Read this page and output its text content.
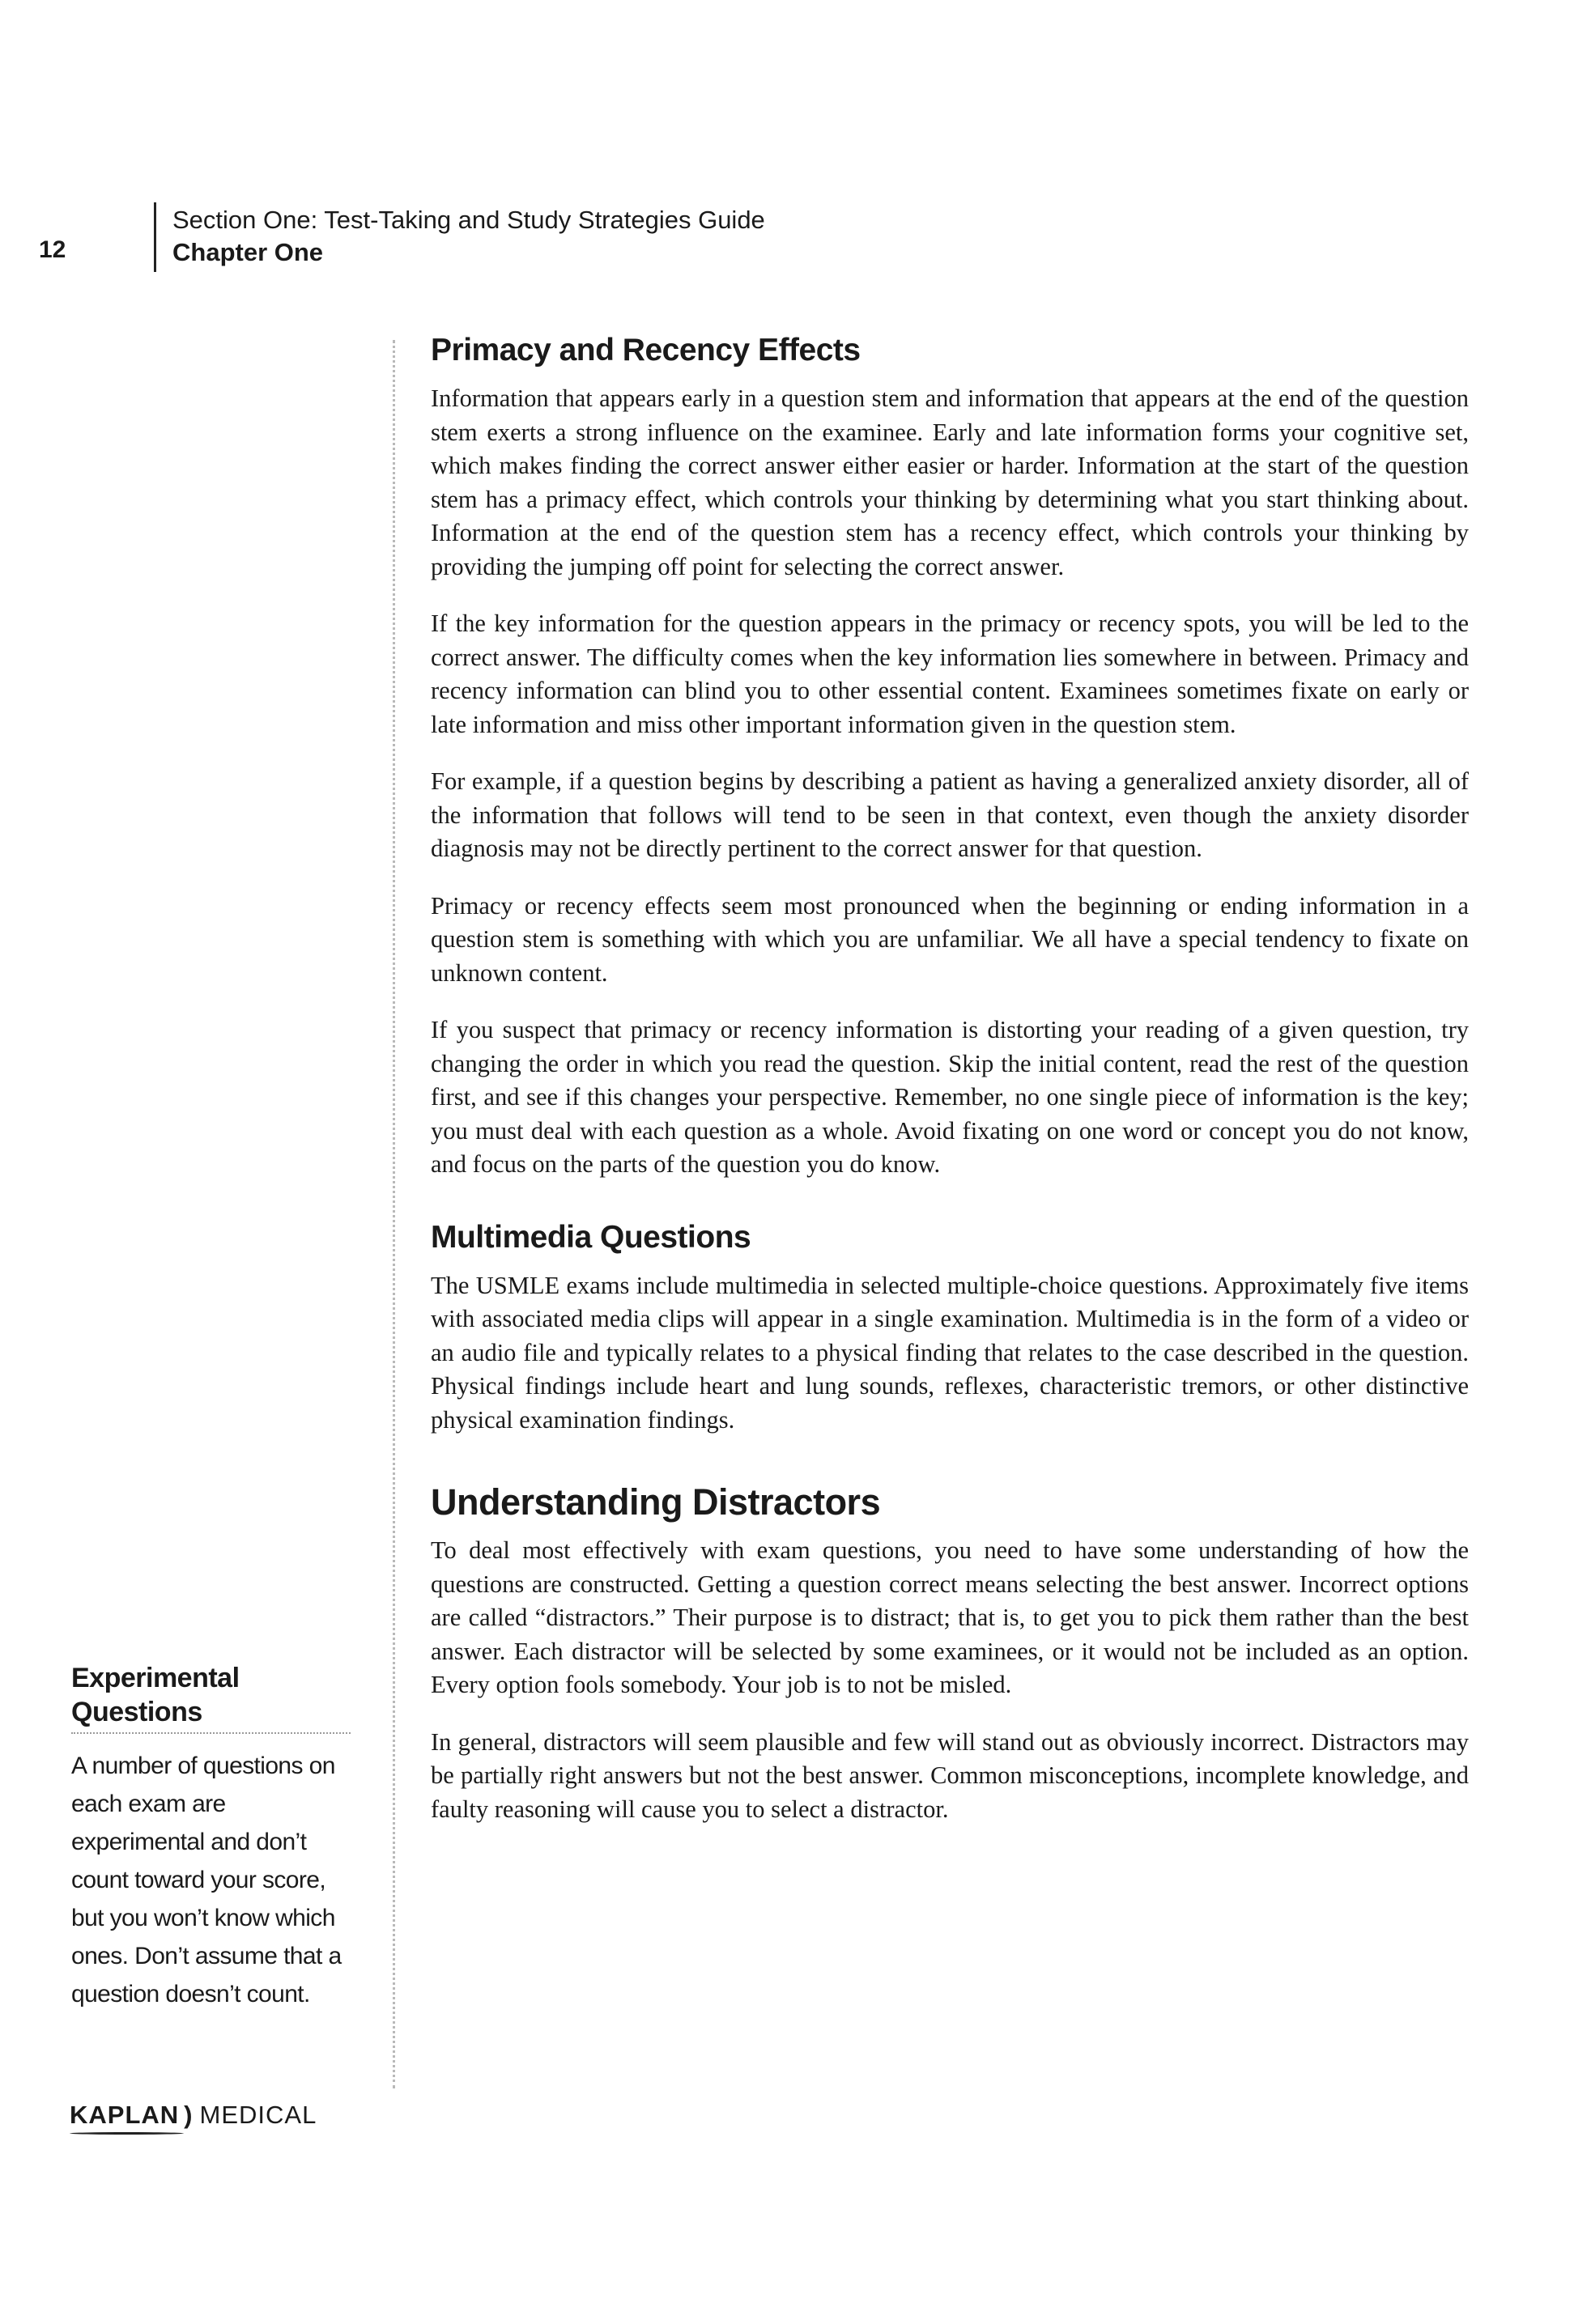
12
Section One: Test-Taking and Study Strategies Guide
Chapter One
Primacy and Recency Effects

Information that appears early in a question stem and information that appears at the end of the question stem exerts a strong influence on the examinee. Early and late information forms your cognitive set, which makes finding the correct answer either easier or harder. Information at the start of the question stem has a primacy effect, which controls your thinking by determining what you start thinking about. Information at the end of the question stem has a recency effect, which controls your thinking by providing the jumping off point for selecting the correct answer.

If the key information for the question appears in the primacy or recency spots, you will be led to the correct answer. The difficulty comes when the key information lies somewhere in between. Primacy and recency information can blind you to other essential content. Examinees sometimes fixate on early or late information and miss other important information given in the question stem.

For example, if a question begins by describing a patient as having a generalized anxiety disorder, all of the information that follows will tend to be seen in that context, even though the anxiety disorder diagnosis may not be directly pertinent to the correct answer for that question.

Primacy or recency effects seem most pronounced when the beginning or ending information in a question stem is something with which you are unfamiliar. We all have a special tendency to fixate on unknown content.

If you suspect that primacy or recency information is distorting your reading of a given question, try changing the order in which you read the question. Skip the initial content, read the rest of the question first, and see if this changes your perspective. Remember, no one single piece of information is the key; you must deal with each question as a whole. Avoid fixating on one word or concept you do not know, and focus on the parts of the question you do know.

Multimedia Questions

The USMLE exams include multimedia in selected multiple-choice questions. Approximately five items with associated media clips will appear in a single examination. Multimedia is in the form of a video or an audio file and typically relates to a physical finding that relates to the case described in the question. Physical findings include heart and lung sounds, reflexes, characteristic tremors, or other distinctive physical examination findings.

Understanding Distractors

To deal most effectively with exam questions, you need to have some understanding of how the questions are constructed. Getting a question correct means selecting the best answer. Incorrect options are called “distractors.” Their purpose is to distract; that is, to get you to pick them rather than the best answer. Each distractor will be selected by some examinees, or it would not be included as an option. Every option fools somebody. Your job is to not be misled.

In general, distractors will seem plausible and few will stand out as obviously incorrect. Distractors may be partially right answers but not the best answer. Common misconceptions, incomplete knowledge, and faulty reasoning will cause you to select a distractor.

Experimental Questions
A number of questions on each exam are experimental and don’t count toward your score, but you won’t know which ones. Don’t assume that a question doesn’t count.
KAPLAN ) MEDICAL
